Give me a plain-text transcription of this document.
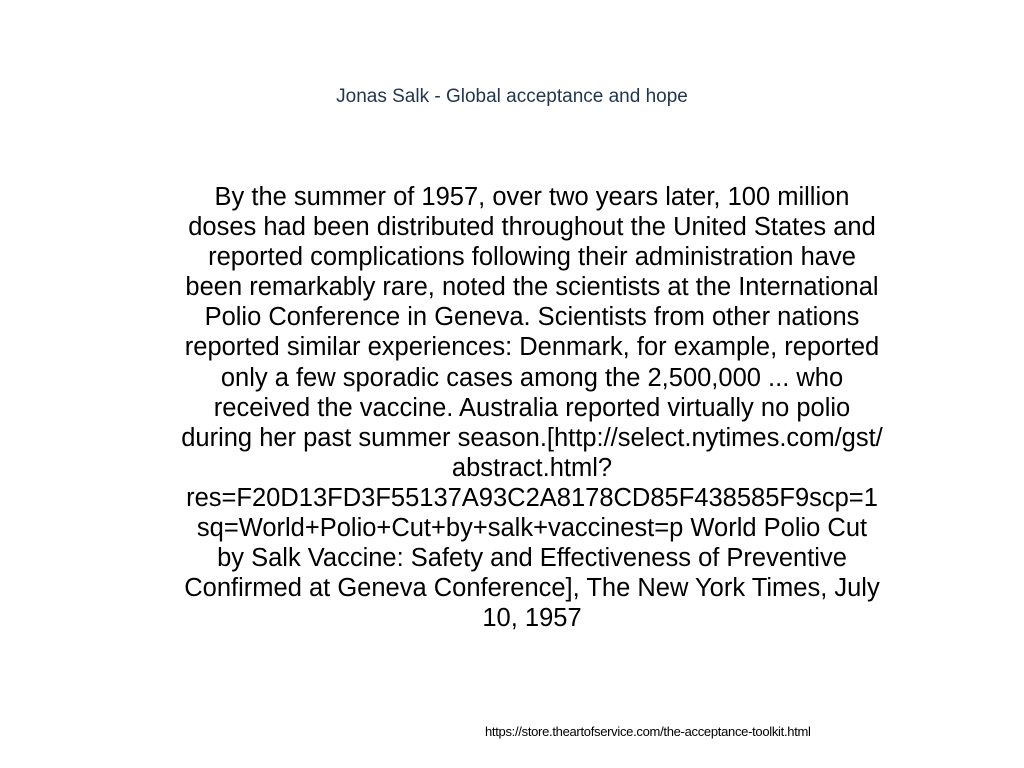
Jonas Salk - Global acceptance and hope
By the summer of 1957, over two years later, 100 million
doses had been distributed throughout the United States and
reported complications following their administration have
been remarkably rare, noted the scientists at the International
Polio Conference in Geneva. Scientists from other nations
reported similar experiences: Denmark, for example, reported
only a few sporadic cases among the 2,500,000 ... who
received the vaccine. Australia reported virtually no polio
during her past summer season.[http://select.nytimes.com/gst/
abstract.html?
res=F20D13FD3F55137A93C2A8178CD85F438585F9scp=1
sq=World+Polio+Cut+by+salk+vaccinest=p World Polio Cut
by Salk Vaccine: Safety and Effectiveness of Preventive
Confirmed at Geneva Conference], The New York Times, July
10, 1957
https://store.theartofservice.com/the-acceptance-toolkit.html
